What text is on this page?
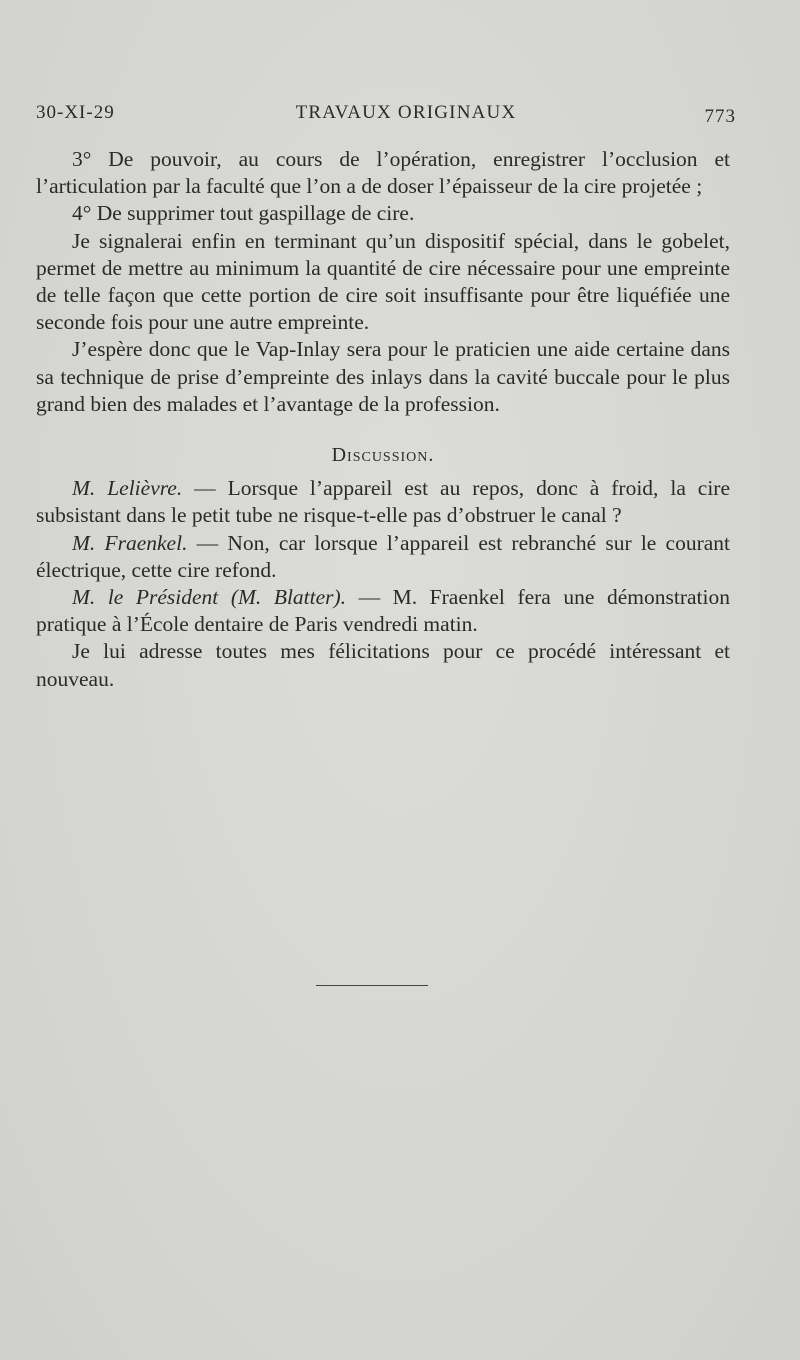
30-XI-29	TRAVAUX ORIGINAUX	773

3° De pouvoir, au cours de l’opération, enregistrer l’occlusion et l’articulation par la faculté que l’on a de doser l’épaisseur de la cire projetée ;

4° De supprimer tout gaspillage de cire.

Je signalerai enfin en terminant qu’un dispositif spécial, dans le gobelet, permet de mettre au minimum la quantité de cire nécessaire pour une empreinte de telle façon que cette portion de cire soit insuffisante pour être liquéfiée une seconde fois pour une autre empreinte.

J’espère donc que le Vap-Inlay sera pour le praticien une aide certaine dans sa technique de prise d’empreinte des inlays dans la cavité buccale pour le plus grand bien des malades et l’avantage de la profession.

Discussion.

M. Lelièvre. — Lorsque l’appareil est au repos, donc à froid, la cire subsistant dans le petit tube ne risque-t-elle pas d’obstruer le canal ?

M. Fraenkel. — Non, car lorsque l’appareil est rebranché sur le courant électrique, cette cire refond.

M. le Président (M. Blatter). — M. Fraenkel fera une démonstration pratique à l’École dentaire de Paris vendredi matin.

Je lui adresse toutes mes félicitations pour ce procédé intéressant et nouveau.
